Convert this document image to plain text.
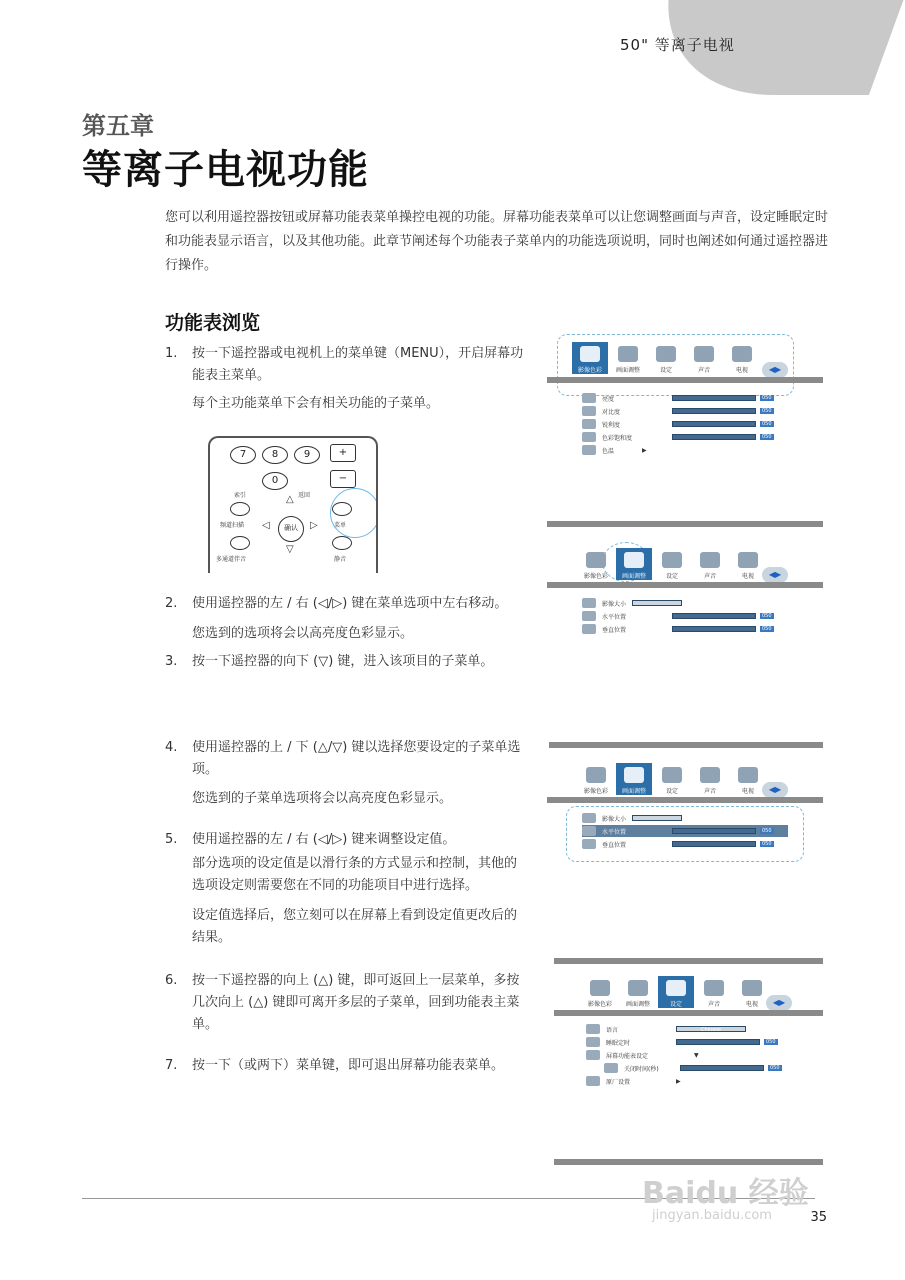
50" 等离子电视
第五章
等离子电视功能
您可以利用遥控器按钮或屏幕功能表菜单操控电视的功能。屏幕功能表菜单可以让您调整画面与声音，设定睡眠定时和功能表显示语言，以及其他功能。此章节阐述每个功能表子菜单内的功能选项说明，同时也阐述如何通过遥控器进行操作。
功能表浏览
1.	按一下遥控器或电视机上的菜单键（MENU），开启屏幕功能表主菜单。
每个主功能菜单下会有相关功能的子菜单。
2.	使用遥控器的左 / 右 (◁/▷) 键在菜单选项中左右移动。
您选到的选项将会以高亮度色彩显示。
3.	按一下遥控器的向下 (▽) 键，进入该项目的子菜单。
4.	使用遥控器的上 / 下 (△/▽) 键以选择您要设定的子菜单选项。
您选到的子菜单选项将会以高亮度色彩显示。
5.	使用遥控器的左 / 右 (◁/▷) 键来调整设定值。
部分选项的设定值是以滑行条的方式显示和控制，其他的选项设定则需要您在不同的功能项目中进行选择。
设定值选择后，您立刻可以在屏幕上看到设定值更改后的结果。
6.	按一下遥控器的向上 (△) 键，即可返回上一层菜单，多按几次向上 (△) 键即可离开多层的子菜单，回到功能表主菜单。
7.	按一下（或两下）菜单键，即可退出屏幕功能表菜单。
7	8	9	+
0	−
索引	返回
频道扫描	确认
△
▽
◁	▷	菜单
多通道伴音	静音
影像色彩 画面调整	设定	声音	电视	◀▶
亮度	050
对比度	050
锐利度	050
色彩饱和度	050
色温	▶
影像色彩 画面调整	设定	声音	电视	◀▶
影像大小
水平位置	050
垂直位置	050
影像色彩 画面调整	设定	声音	电视	◀▶
影像大小
水平位置	050
垂直位置	050
影像色彩 画面调整	设定	声音	电视	◀▶
语言	Chinese
睡眠定时	050
屏幕功能表设定	▼
关闭时间(秒)	050
原厂设置	▶
Baidu 经验
jingyan.baidu.com	35
